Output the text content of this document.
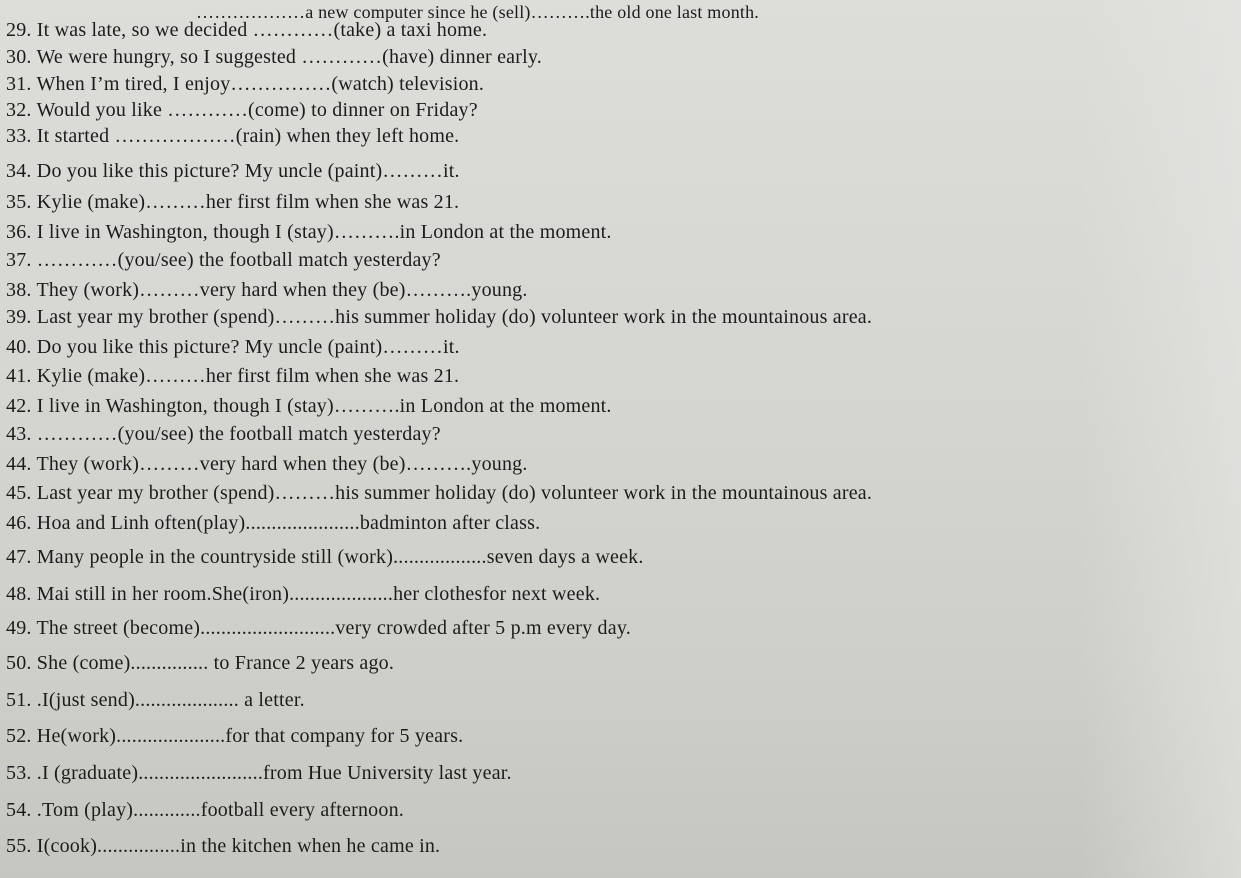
………………a new computer since he (sell)……….the old one last month.
29. It was late, so we decided …………(take) a taxi home.
30. We were hungry, so I suggested …………(have) dinner early.
31. When I’m tired, I enjoy……………(watch) television.
32. Would you like …………(come) to dinner on Friday?
33. It started ………………(rain) when they left home.
34. Do you like this picture? My uncle (paint)………it.
35. Kylie (make)………her first film when she was 21.
36. I live in Washington, though I (stay)……….in London at the moment.
37. …………(you/see) the football match yesterday?
38. They (work)………very hard when they (be)……….young.
39. Last year my brother (spend)………his summer holiday (do) volunteer work in the mountainous area.
40. Do you like this picture? My uncle (paint)………it.
41. Kylie (make)………her first film when she was 21.
42. I live in Washington, though I (stay)……….in London at the moment.
43. …………(you/see) the football match yesterday?
44. They (work)………very hard when they (be)……….young.
45. Last year my brother (spend)………his summer holiday (do) volunteer work in the mountainous area.
46. Hoa and Linh often(play)......................badminton after class.
47. Many people in the countryside still (work)..................seven days a week.
48. Mai still in her room.She(iron)....................her clothesfor next week.
49. The street (become)..........................very crowded after 5 p.m every day.
50. She (come)............... to France 2 years ago.
51. .I(just send).................... a letter.
52. He(work).....................for that company for 5 years.
53. .I (graduate)........................from Hue University last year.
54. .Tom (play).............football every afternoon.
55. I(cook)................in the kitchen when he came in.
